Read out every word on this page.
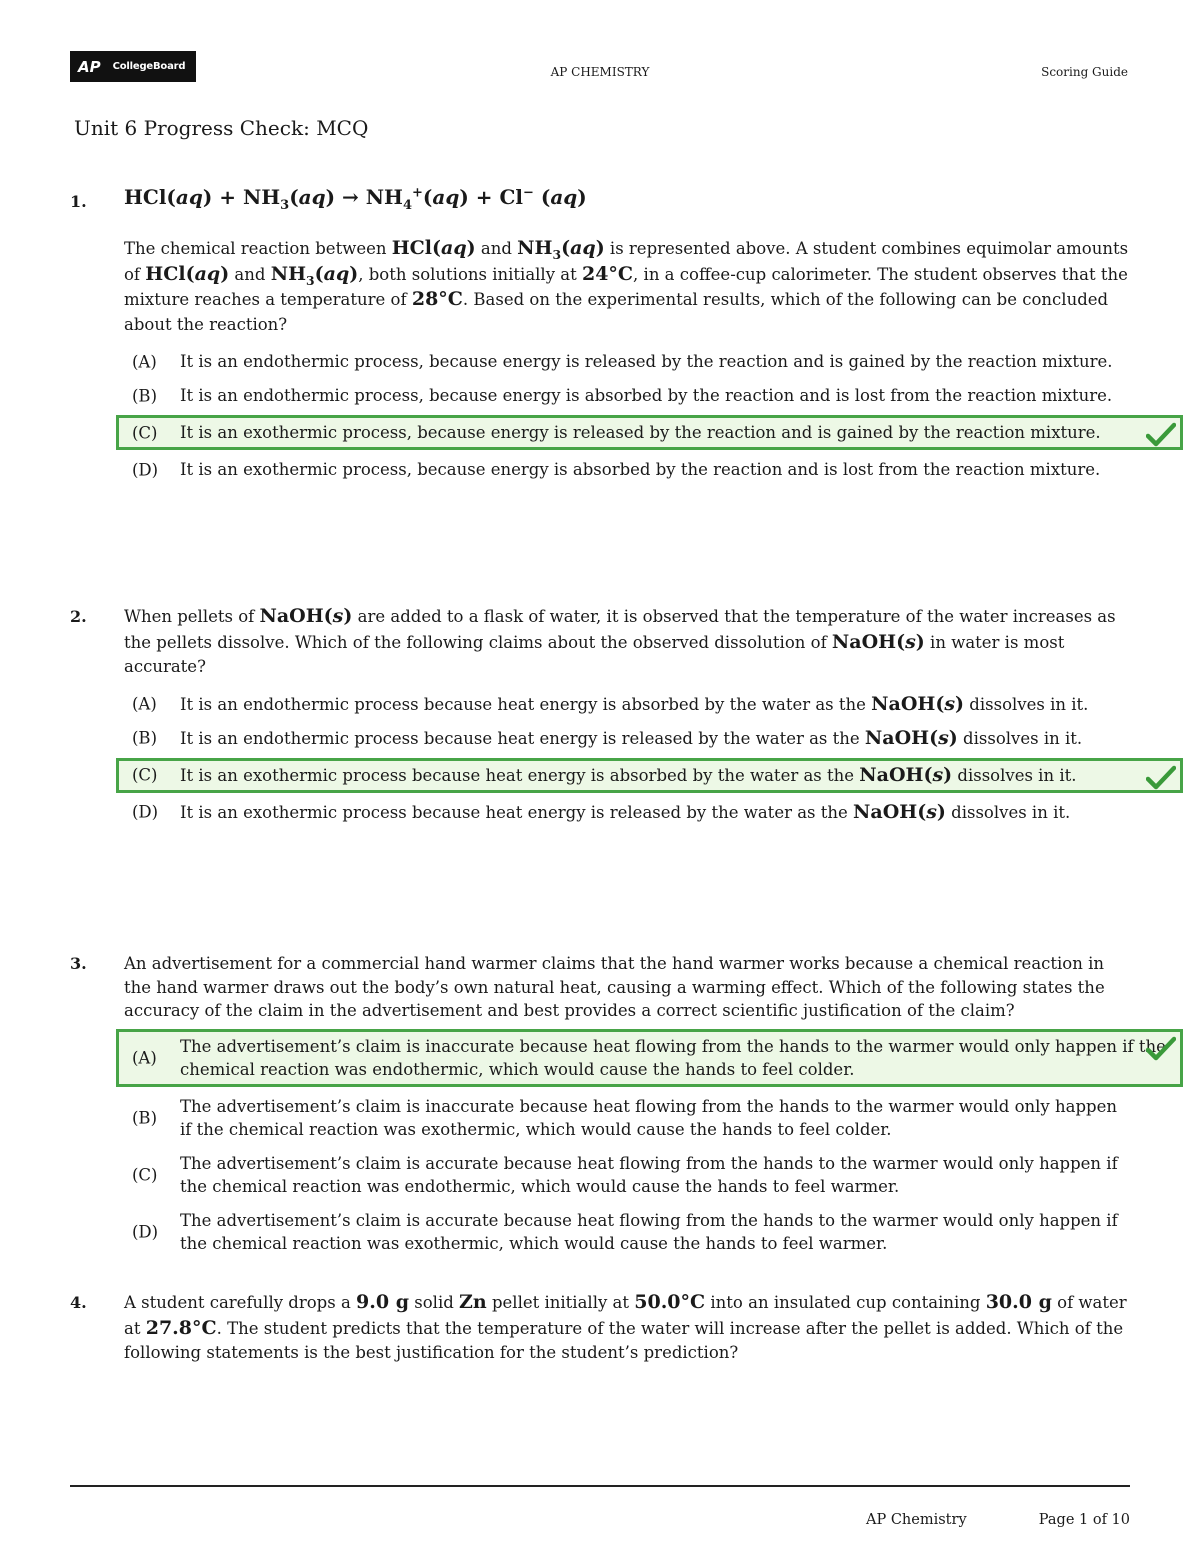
AP CollegeBoard	AP CHEMISTRY	Scoring Guide
Unit 6 Progress Check: MCQ
1. $HCl(aq) + NH_3(aq) \to NH_4^+(aq) + Cl^-$ (aq)
The chemical reaction between HCl(aq) and $NH_3(aq)$ is represented above. A student combines equimolar amounts of HCl(aq) and $NH_3(aq)$, both solutions initially at 24°C, in a coffee-cup calorimeter. The student observes that the mixture reaches a temperature of 28°C. Based on the experimental results, which of the following can be concluded about the reaction?
(A) It is an endothermic process, because energy is released by the reaction and is gained by the reaction mixture.
(B) It is an endothermic process, because energy is absorbed by the reaction and is lost from the reaction mixture.
(C) It is an exothermic process, because energy is released by the reaction and is gained by the reaction mixture.
(D) It is an exothermic process, because energy is absorbed by the reaction and is lost from the reaction mixture.
2. When pellets of NaOH(s) are added to a flask of water, it is observed that the temperature of the water increases as the pellets dissolve. Which of the following claims about the observed dissolution of NaOH(s) in water is most accurate?
(A) It is an endothermic process because heat energy is absorbed by the water as the NaOH(s) dissolves in it.
(B) It is an endothermic process because heat energy is released by the water as the NaOH(s) dissolves in it.
(C) It is an exothermic process because heat energy is absorbed by the water as the NaOH(s) dissolves in it.
(D) It is an exothermic process because heat energy is released by the water as the NaOH(s) dissolves in it.
3. An advertisement for a commercial hand warmer claims that the hand warmer works because a chemical reaction in the hand warmer draws out the body’s own natural heat, causing a warming effect. Which of the following states the accuracy of the claim in the advertisement and best provides a correct scientific justification of the claim?
(A)
The advertisement’s claim is inaccurate because heat flowing from the hands to the warmer would only happen if the chemical reaction was endothermic, which would cause the hands to feel colder.
(B)
The advertisement’s claim is inaccurate because heat flowing from the hands to the warmer would only happen if the chemical reaction was exothermic, which would cause the hands to feel colder.
(C)
The advertisement’s claim is accurate because heat flowing from the hands to the warmer would only happen if the chemical reaction was endothermic, which would cause the hands to feel warmer.
(D)
The advertisement’s claim is accurate because heat flowing from the hands to the warmer would only happen if the chemical reaction was exothermic, which would cause the hands to feel warmer.
4. A student carefully drops a 9.0 g solid Zn pellet initially at 50.0°C into an insulated cup containing 30.0 g of water at 27.8°C. The student predicts that the temperature of the water will increase after the pellet is added. Which of the following statements is the best justification for the student’s prediction?
AP Chemistry	Page 1 of 10
